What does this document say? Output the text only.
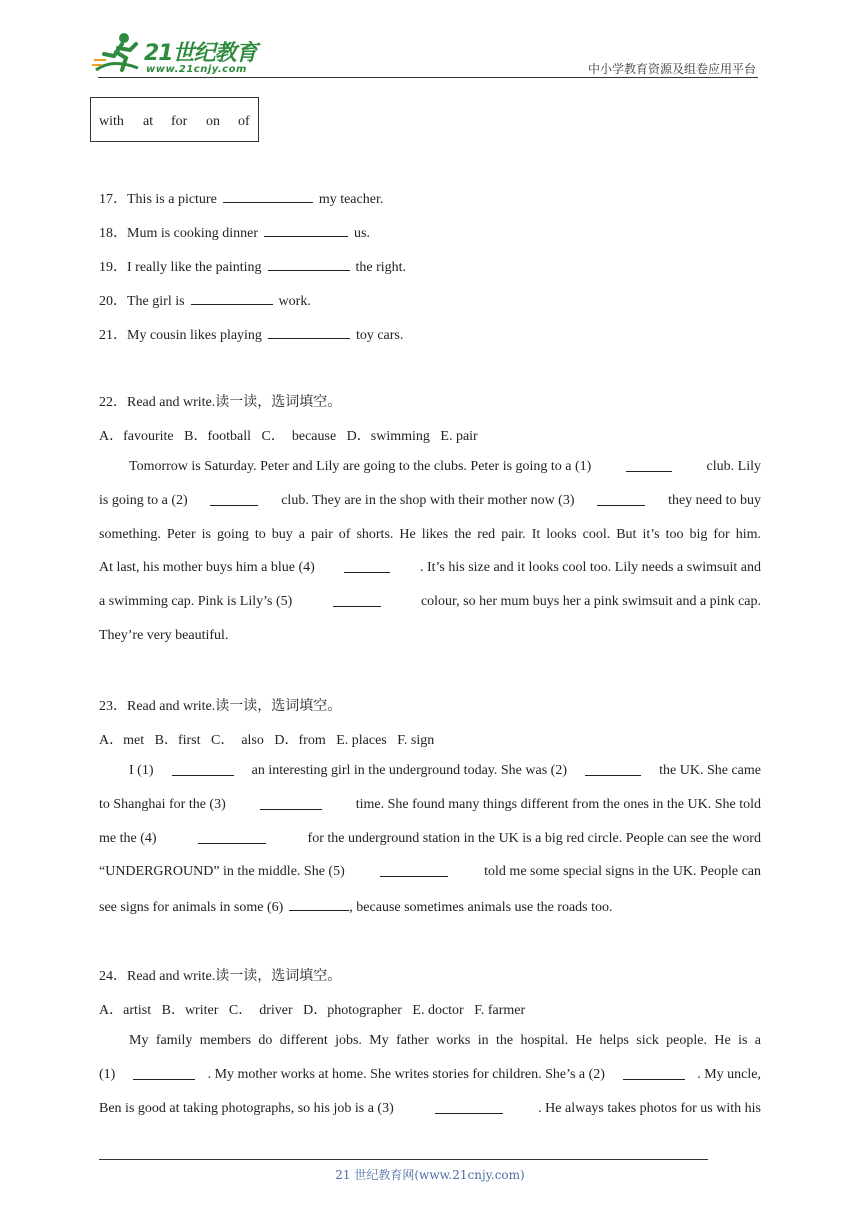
21世纪教育
www.21cnjy.com	中小学教育资源及组卷应用平台
with at for on of
17．This is a picture	my teacher.
18．Mum is cooking dinner	us.
19．I really like the painting	the right.
20．The girl is	work.
21．My cousin likes playing	toy cars.
22．Read and write.读一读，选词填空。
A．favourite   B．football   C．  because   D．swimming   E. pair
Tomorrow is Saturday. Peter and Lily are going to the clubs. Peter is going to a (1)	club. Lily
is going to a (2)	club. They are in the shop with their mother now (3)	they need to buy
something. Peter is going to buy a pair of shorts. He likes the red pair. It looks cool. But it’s too big for him.
At last, his mother buys him a blue (4)	. It’s his size and it looks cool too. Lily needs a swimsuit and
a swimming cap. Pink is Lily’s (5)	colour, so her mum buys her a pink swimsuit and a pink cap.
They’re very beautiful.
23．Read and write.读一读，选词填空。
A．met   B．first   C．  also   D．from   E. places   F. sign
I (1)	an interesting girl in the underground today. She was (2)	the UK. She came
to Shanghai for the (3)	time. She found many things different from the ones in the UK. She told
me the (4)	for the underground station in the UK is a big red circle. People can see the word
“UNDERGROUND” in the middle. She (5)	told me some special signs in the UK. People can
see signs for animals in some (6)	, because sometimes animals use the roads too.
24．Read and write.读一读，选词填空。
A．artist   B．writer   C．  driver   D．photographer   E. doctor   F. farmer
My family members do different jobs. My father works in the hospital. He helps sick people. He is a
(1)	. My mother works at home. She writes stories for children. She’s a (2)	. My uncle,
Ben is good at taking photographs, so his job is a (3)	. He always takes photos for us with his
21 世纪教育网(www.21cnjy.com)
